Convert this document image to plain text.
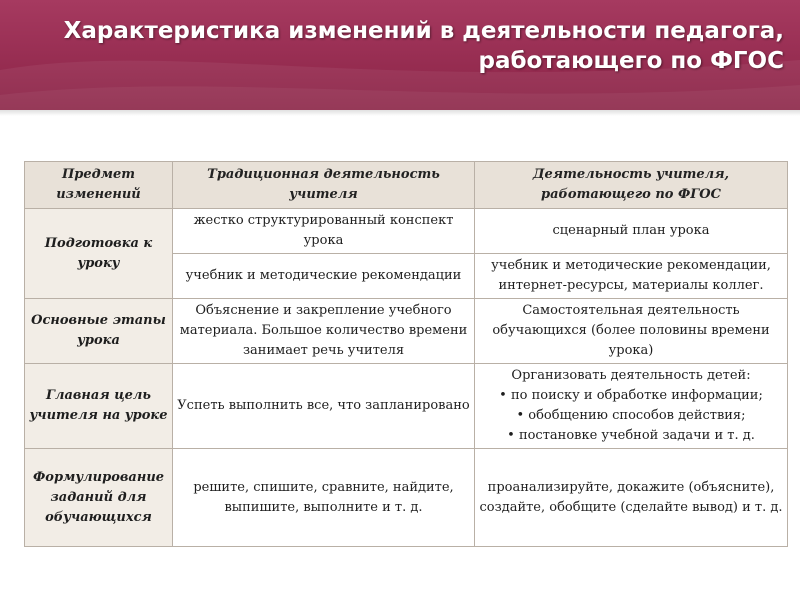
Характеристика изменений в деятельности педагога,
работающего по ФГОС
Предмет изменений	Традиционная деятельность учителя	Деятельность учителя, работающего по ФГОС
Подготовка к уроку	жестко структурированный конспект урока	сценарный план урока
	учебник и методические рекомендации	учебник и методические рекомендации, интернет-ресурсы, материалы коллег.
Основные этапы урока	Объяснение и закрепление учебного материала. Большое количество времени занимает речь учителя	Самостоятельная деятельность обучающихся (более половины времени урока)
Главная цель учителя на уроке	Успеть выполнить все, что запланировано	Организовать деятельность детей:
• по поиску и обработке информации;
• обобщению способов действия;
• постановке учебной задачи и т. д.

Формулирование заданий для обучающихся	решите, спишите, сравните, найдите, выпишите, выполните и т. д.	проанализируйте, докажите (объясните), создайте, обобщите (сделайте вывод) и т. д.
